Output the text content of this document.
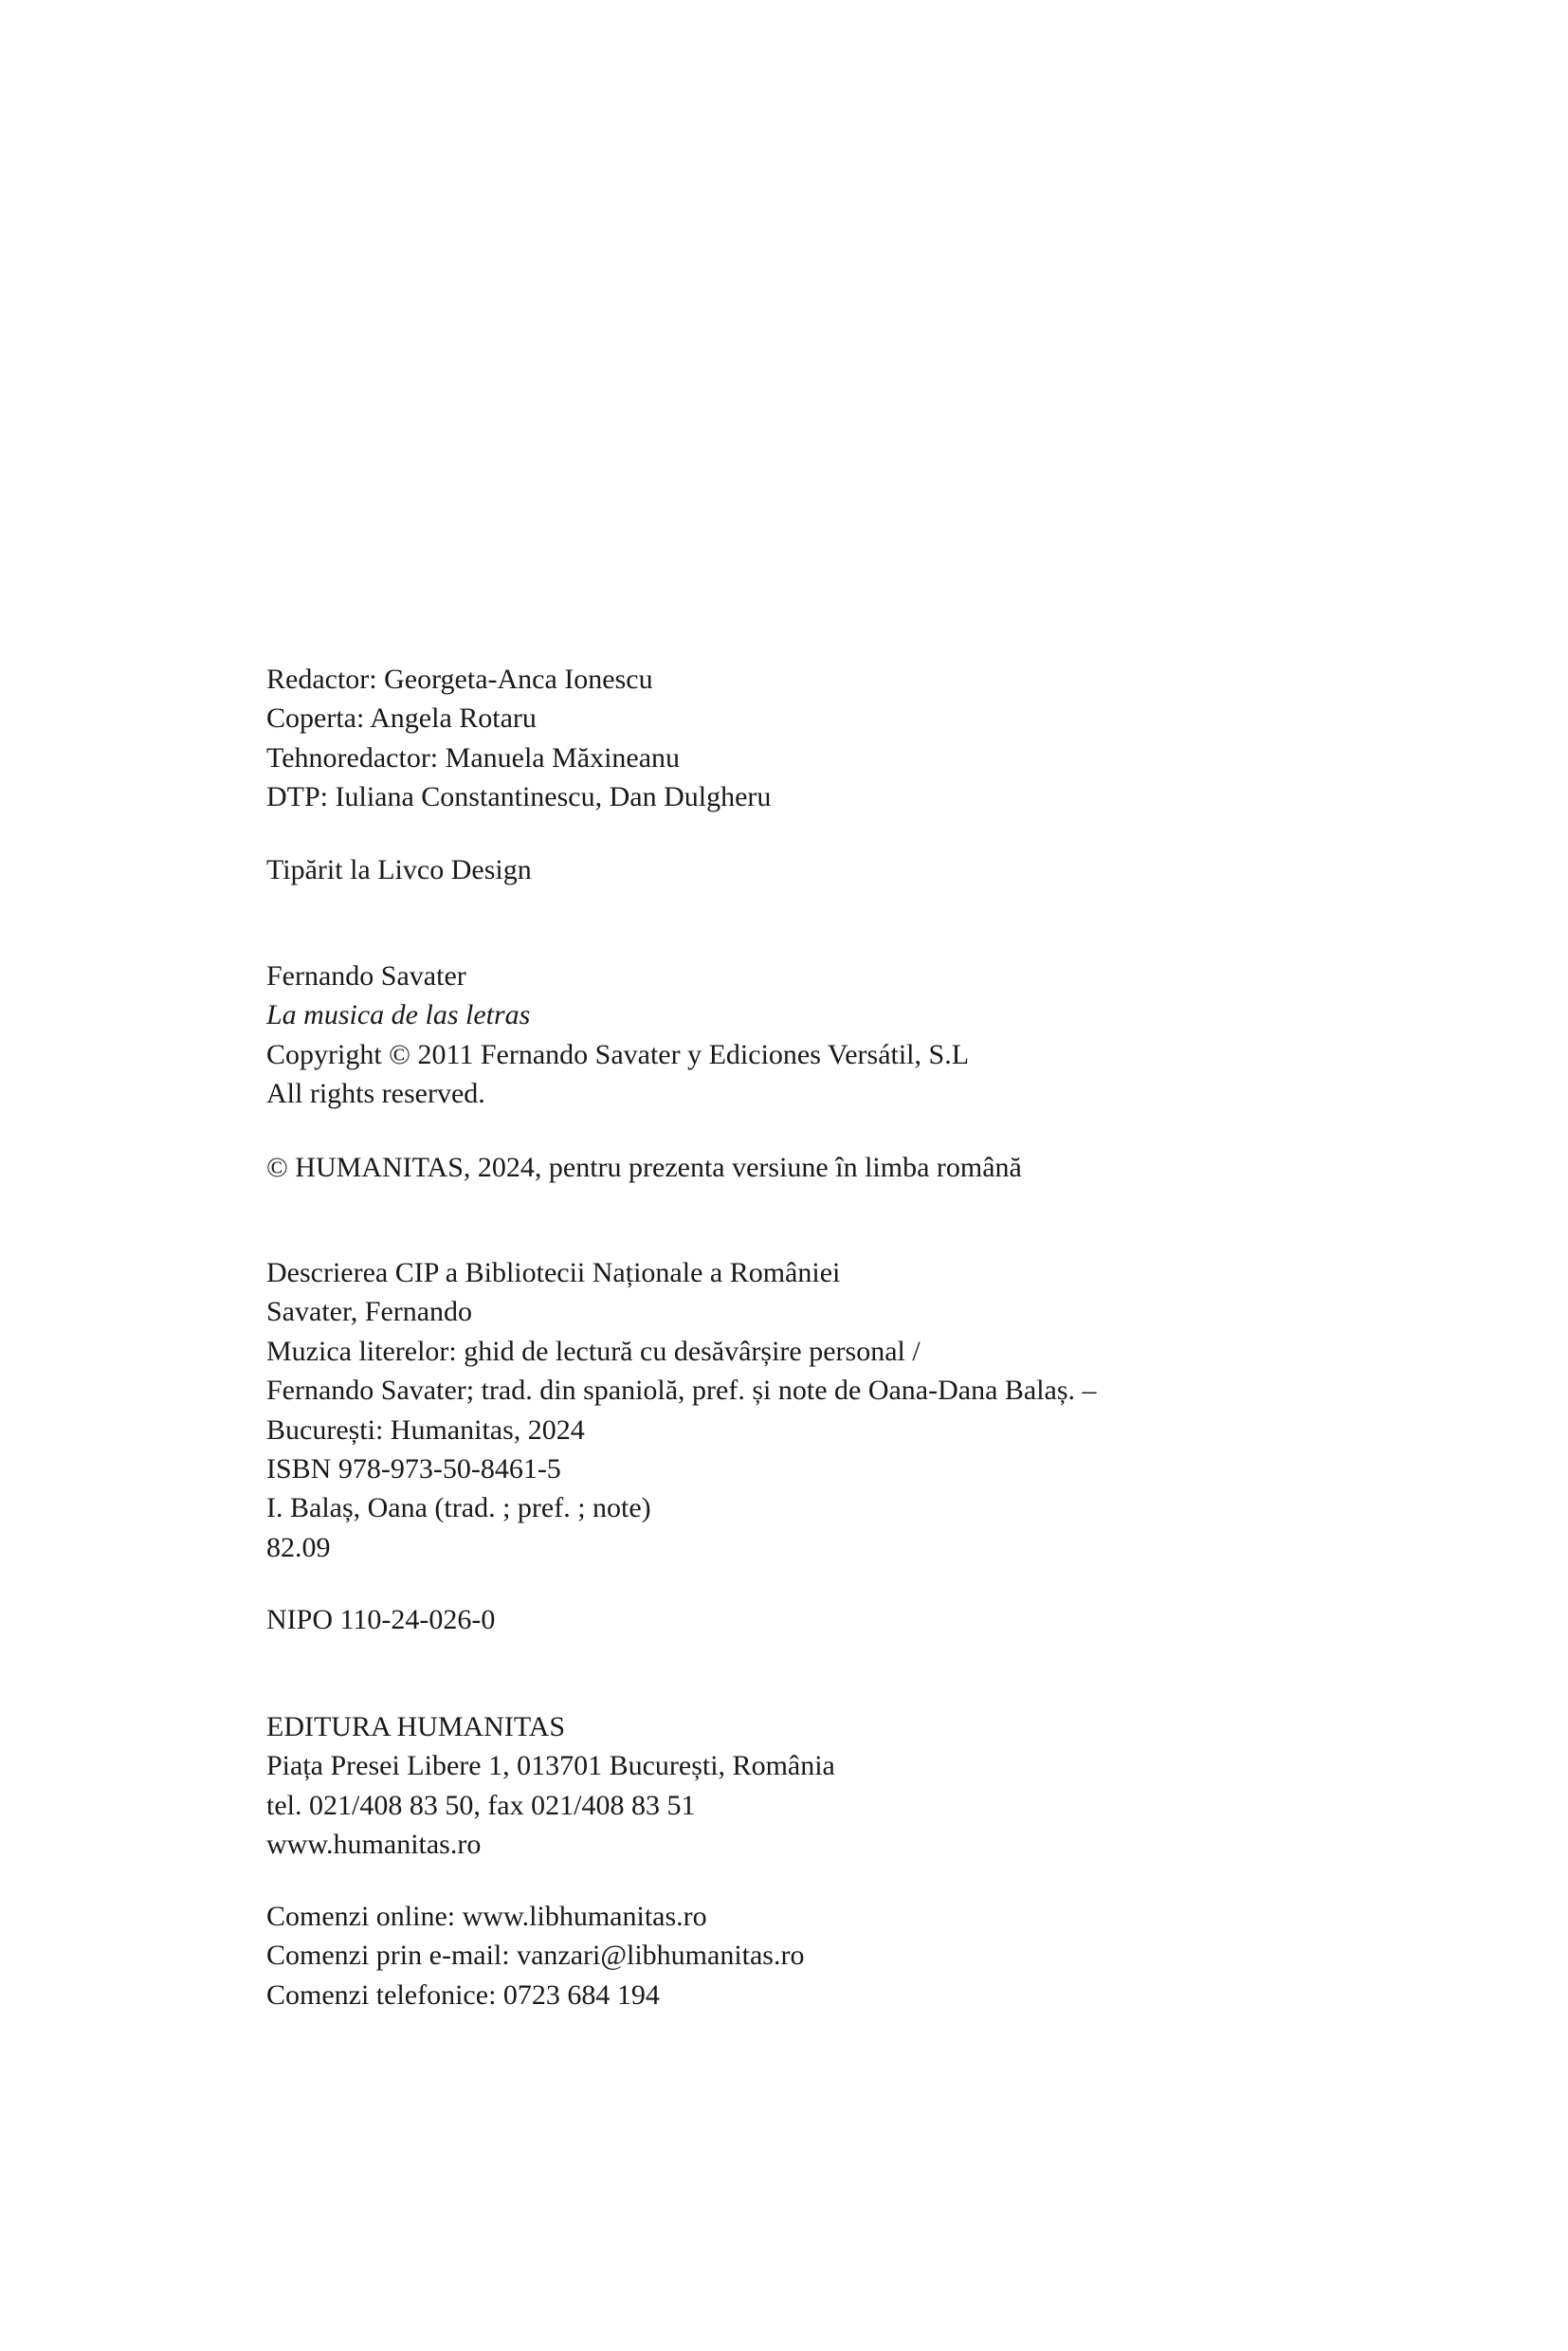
Redactor: Georgeta-Anca Ionescu
Coperta: Angela Rotaru
Tehnoredactor: Manuela Măxineanu
DTP: Iuliana Constantinescu, Dan Dulgheru
Tipărit la Livco Design
Fernando Savater
La musica de las letras
Copyright © 2011 Fernando Savater y Ediciones Versátil, S.L
All rights reserved.
© HUMANITAS, 2024, pentru prezenta versiune în limba română
Descrierea CIP a Bibliotecii Naționale a României
Savater, Fernando
Muzica literelor: ghid de lectură cu desăvârșire personal /
Fernando Savater; trad. din spaniolă, pref. și note de Oana-Dana Balaș. –
București: Humanitas, 2024
ISBN 978-973-50-8461-5
I. Balaș, Oana (trad. ; pref. ; note)
82.09
NIPO 110-24-026-0
EDITURA HUMANITAS
Piața Presei Libere 1, 013701 București, România
tel. 021/408 83 50, fax 021/408 83 51
www.humanitas.ro
Comenzi online: www.libhumanitas.ro
Comenzi prin e-mail: vanzari@libhumanitas.ro
Comenzi telefonice: 0723 684 194
